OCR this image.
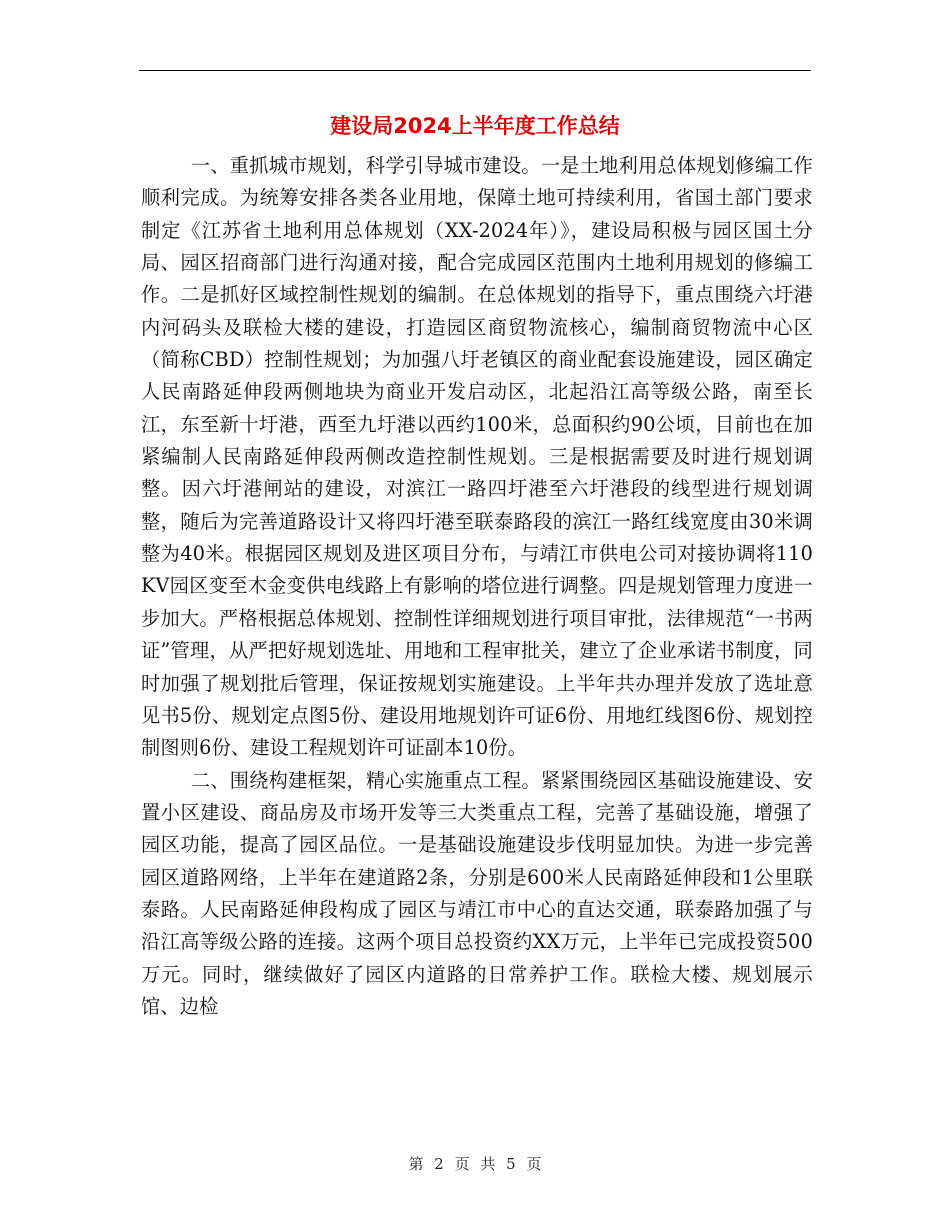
建设局2024上半年度工作总结

一、重抓城市规划，科学引导城市建设。一是土地利用总体规划修编工作顺利完成。为统筹安排各类各业用地，保障土地可持续利用，省国土部门要求制定《江苏省土地利用总体规划（XX-2024年）》，建设局积极与园区国土分局、园区招商部门进行沟通对接，配合完成园区范围内土地利用规划的修编工作。二是抓好区域控制性规划的编制。在总体规划的指导下，重点围绕六圩港内河码头及联检大楼的建设，打造园区商贸物流核心，编制商贸物流中心区（简称CBD）控制性规划；为加强八圩老镇区的商业配套设施建设，园区确定人民南路延伸段两侧地块为商业开发启动区，北起沿江高等级公路，南至长江，东至新十圩港，西至九圩港以西约100米，总面积约90公顷，目前也在加紧编制人民南路延伸段两侧改造控制性规划。三是根据需要及时进行规划调整。因六圩港闸站的建设，对滨江一路四圩港至六圩港段的线型进行规划调整，随后为完善道路设计又将四圩港至联泰路段的滨江一路红线宽度由30米调整为40米。根据园区规划及进区项目分布，与靖江市供电公司对接协调将110KV园区变至木金变供电线路上有影响的塔位进行调整。四是规划管理力度进一步加大。严格根据总体规划、控制性详细规划进行项目审批，法律规范“一书两证”管理，从严把好规划选址、用地和工程审批关，建立了企业承诺书制度，同时加强了规划批后管理，保证按规划实施建设。上半年共办理并发放了选址意见书5份、规划定点图5份、建设用地规划许可证6份、用地红线图6份、规划控制图则6份、建设工程规划许可证副本10份。

二、围绕构建框架，精心实施重点工程。紧紧围绕园区基础设施建设、安置小区建设、商品房及市场开发等三大类重点工程，完善了基础设施，增强了园区功能，提高了园区品位。一是基础设施建设步伐明显加快。为进一步完善园区道路网络，上半年在建道路2条，分别是600米人民南路延伸段和1公里联泰路。人民南路延伸段构成了园区与靖江市中心的直达交通，联泰路加强了与沿江高等级公路的连接。这两个项目总投资约XX万元，上半年已完成投资500万元。同时，继续做好了园区内道路的日常养护工作。联检大楼、规划展示馆、边检

第 2 页 共 5 页
